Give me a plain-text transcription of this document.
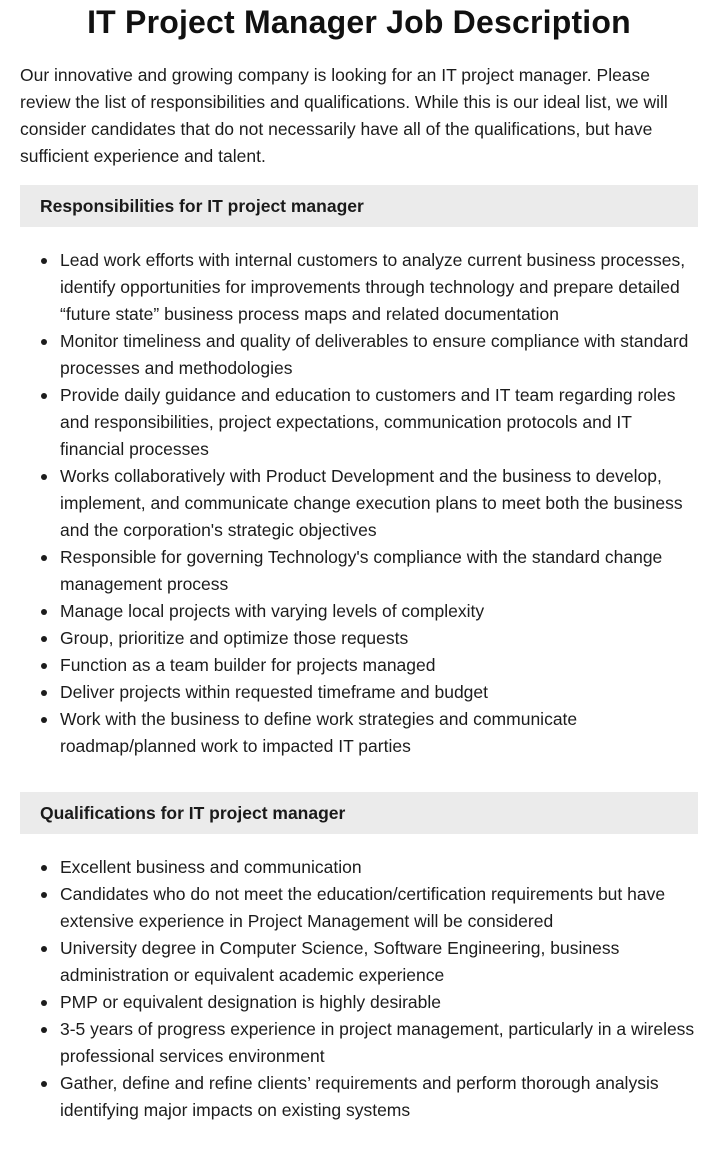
IT Project Manager Job Description

Our innovative and growing company is looking for an IT project manager. Please review the list of responsibilities and qualifications. While this is our ideal list, we will consider candidates that do not necessarily have all of the qualifications, but have sufficient experience and talent.

Responsibilities for IT project manager
Lead work efforts with internal customers to analyze current business processes, identify opportunities for improvements through technology and prepare detailed “future state” business process maps and related documentation
Monitor timeliness and quality of deliverables to ensure compliance with standard processes and methodologies
Provide daily guidance and education to customers and IT team regarding roles and responsibilities, project expectations, communication protocols and IT financial processes
Works collaboratively with Product Development and the business to develop, implement, and communicate change execution plans to meet both the business and the corporation's strategic objectives
Responsible for governing Technology's compliance with the standard change management process
Manage local projects with varying levels of complexity
Group, prioritize and optimize those requests
Function as a team builder for projects managed
Deliver projects within requested timeframe and budget
Work with the business to define work strategies and communicate roadmap/planned work to impacted IT parties
Qualifications for IT project manager
Excellent business and communication
Candidates who do not meet the education/certification requirements but have extensive experience in Project Management will be considered
University degree in Computer Science, Software Engineering, business administration or equivalent academic experience
PMP or equivalent designation is highly desirable
3-5 years of progress experience in project management, particularly in a wireless professional services environment
Gather, define and refine clients’ requirements and perform thorough analysis identifying major impacts on existing systems
